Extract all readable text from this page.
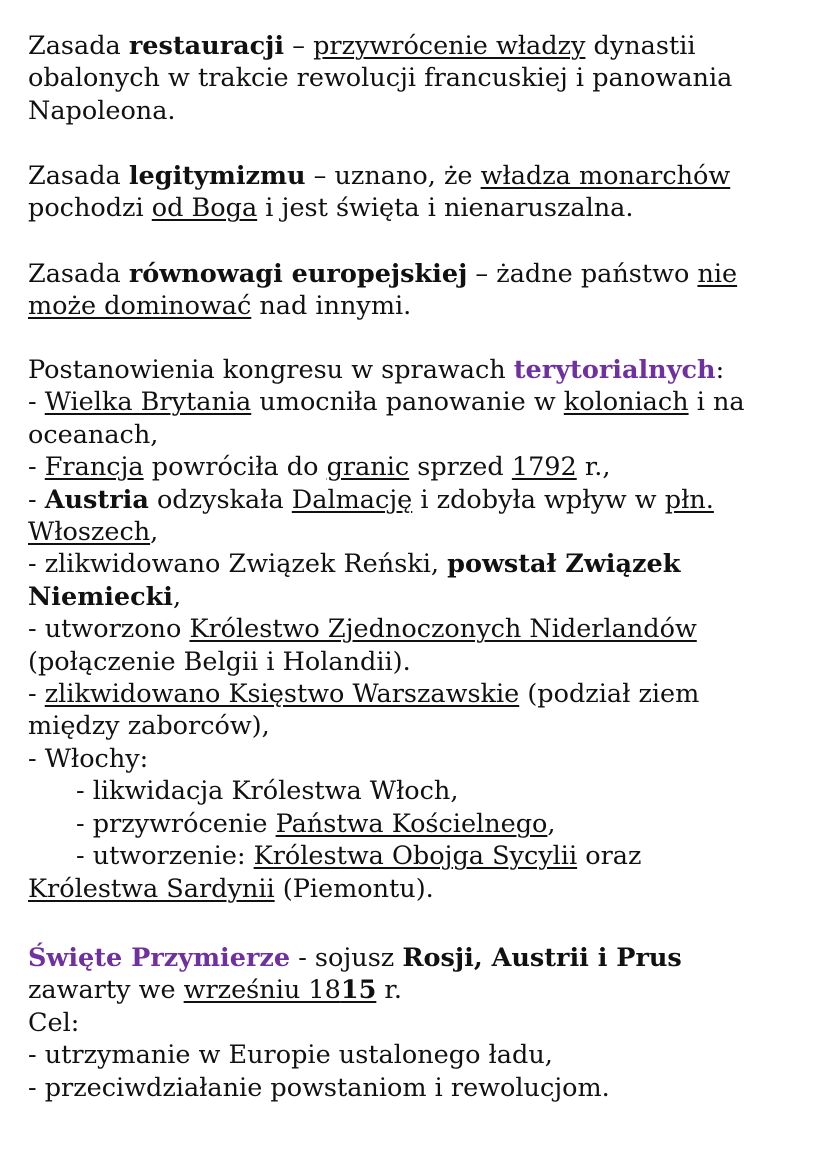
Zasada restauracji – przywrócenie władzy dynastii
obalonych w trakcie rewolucji francuskiej i panowania
Napoleona.
Zasada legitymizmu – uznano, że władza monarchów
pochodzi od Boga i jest święta i nienaruszalna.
Zasada równowagi europejskiej – żadne państwo nie
może dominować nad innymi.
Postanowienia kongresu w sprawach terytorialnych:
- Wielka Brytania umocniła panowanie w koloniach i na
oceanach,
- Francja powróciła do granic sprzed 1792 r.,
- Austria odzyskała Dalmację i zdobyła wpływ w płn.
Włoszech,
- zlikwidowano Związek Reński, powstał Związek
Niemiecki,
- utworzono Królestwo Zjednoczonych Niderlandów
(połączenie Belgii i Holandii).
- zlikwidowano Księstwo Warszawskie (podział ziem
między zaborców),
- Włochy:
- likwidacja Królestwa Włoch,
- przywrócenie Państwa Kościelnego,
- utworzenie: Królestwa Obojga Sycylii oraz
Królestwa Sardynii (Piemontu).
Święte Przymierze - sojusz Rosji, Austrii i Prus
zawarty we wrześniu 1815 r.
Cel:
- utrzymanie w Europie ustalonego ładu,
- przeciwdziałanie powstaniom i rewolucjom.
